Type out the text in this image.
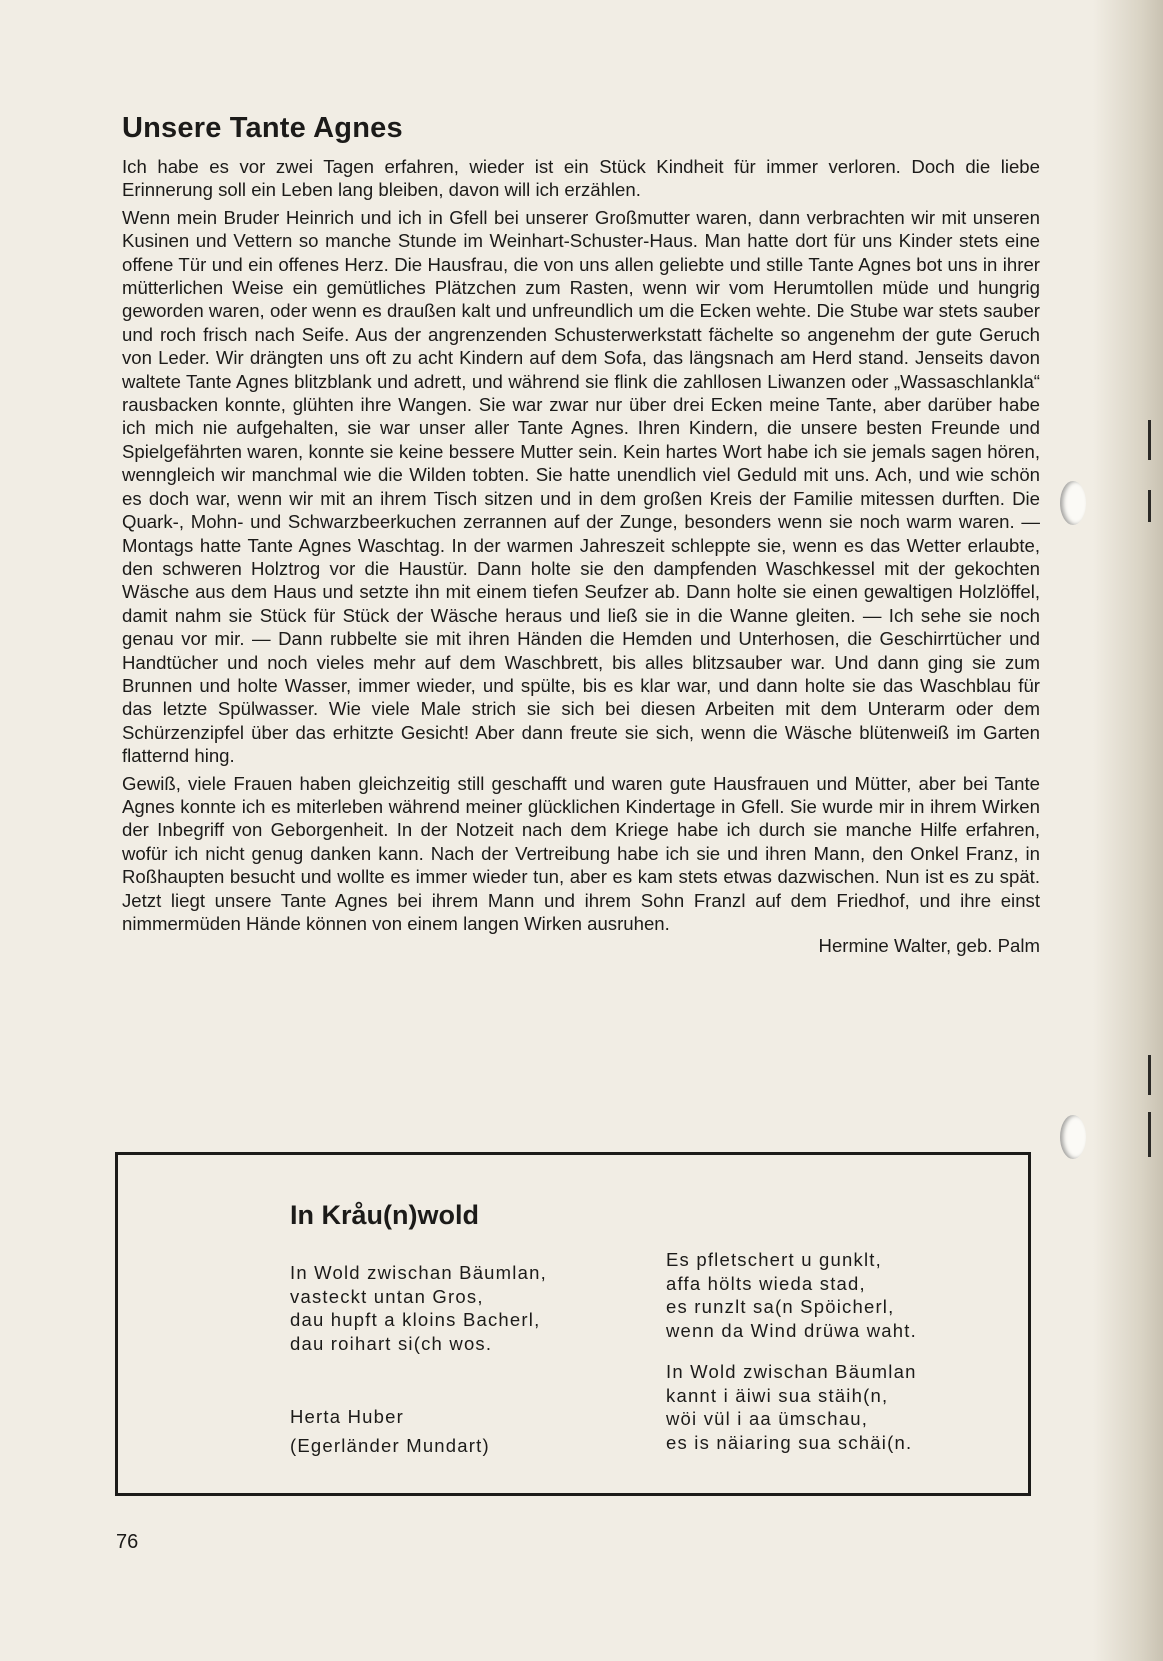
Unsere Tante Agnes

Ich habe es vor zwei Tagen erfahren, wieder ist ein Stück Kindheit für immer verloren. Doch die liebe Erinnerung soll ein Leben lang bleiben, davon will ich erzählen.

Wenn mein Bruder Heinrich und ich in Gfell bei unserer Großmutter waren, dann verbrachten wir mit unseren Kusinen und Vettern so manche Stunde im Weinhart-Schuster-Haus. Man hatte dort für uns Kinder stets eine offene Tür und ein offenes Herz. Die Hausfrau, die von uns allen geliebte und stille Tante Agnes bot uns in ihrer mütterlichen Weise ein gemütliches Plätzchen zum Rasten, wenn wir vom Herumtollen müde und hungrig geworden waren, oder wenn es draußen kalt und unfreundlich um die Ecken wehte. Die Stube war stets sauber und roch frisch nach Seife. Aus der angrenzenden Schusterwerkstatt fächelte so angenehm der gute Geruch von Leder. Wir drängten uns oft zu acht Kindern auf dem Sofa, das längsnach am Herd stand. Jenseits davon waltete Tante Agnes blitzblank und adrett, und während sie flink die zahllosen Liwanzen oder „Wassaschlankla“ rausbacken konnte, glühten ihre Wangen. Sie war zwar nur über drei Ecken meine Tante, aber darüber habe ich mich nie aufgehalten, sie war unser aller Tante Agnes. Ihren Kindern, die unsere besten Freunde und Spielgefährten waren, konnte sie keine bessere Mutter sein. Kein hartes Wort habe ich sie jemals sagen hören, wenngleich wir manchmal wie die Wilden tobten. Sie hatte unendlich viel Geduld mit uns. Ach, und wie schön es doch war, wenn wir mit an ihrem Tisch sitzen und in dem großen Kreis der Familie mitessen durften. Die Quark-, Mohn- und Schwarzbeerkuchen zerrannen auf der Zunge, besonders wenn sie noch warm waren. — Montags hatte Tante Agnes Waschtag. In der warmen Jahreszeit schleppte sie, wenn es das Wetter erlaubte, den schweren Holztrog vor die Haustür. Dann holte sie den dampfenden Waschkessel mit der gekochten Wäsche aus dem Haus und setzte ihn mit einem tiefen Seufzer ab. Dann holte sie einen gewaltigen Holzlöffel, damit nahm sie Stück für Stück der Wäsche heraus und ließ sie in die Wanne gleiten. — Ich sehe sie noch genau vor mir. — Dann rubbelte sie mit ihren Händen die Hemden und Unterhosen, die Geschirrtücher und Handtücher und noch vieles mehr auf dem Waschbrett, bis alles blitzsauber war. Und dann ging sie zum Brunnen und holte Wasser, immer wieder, und spülte, bis es klar war, und dann holte sie das Waschblau für das letzte Spülwasser. Wie viele Male strich sie sich bei diesen Arbeiten mit dem Unterarm oder dem Schürzenzipfel über das erhitzte Gesicht! Aber dann freute sie sich, wenn die Wäsche blütenweiß im Garten flatternd hing.

Gewiß, viele Frauen haben gleichzeitig still geschafft und waren gute Hausfrauen und Mütter, aber bei Tante Agnes konnte ich es miterleben während meiner glücklichen Kindertage in Gfell. Sie wurde mir in ihrem Wirken der Inbegriff von Geborgenheit. In der Notzeit nach dem Kriege habe ich durch sie manche Hilfe erfahren, wofür ich nicht genug danken kann. Nach der Vertreibung habe ich sie und ihren Mann, den Onkel Franz, in Roßhaupten besucht und wollte es immer wieder tun, aber es kam stets etwas dazwischen. Nun ist es zu spät. Jetzt liegt unsere Tante Agnes bei ihrem Mann und ihrem Sohn Franzl auf dem Friedhof, und ihre einst nimmermüden Hände können von einem langen Wirken ausruhen.

Hermine Walter, geb. Palm
In Kråu(n)wold
In Wold zwischan Bäumlan,
vasteckt untan Gros,
dau hupft a kloins Bacherl,
dau roihart si(ch wos.
Herta Huber
(Egerländer Mundart)
Es pfletschert u gunklt,
affa hölts wieda stad,
es runzlt sa(n Spöicherl,
wenn da Wind drüwa waht.
In Wold zwischan Bäumlan
kannt i äiwi sua stäih(n,
wöi vül i aa ümschau,
es is näiaring sua schäi(n.
76
